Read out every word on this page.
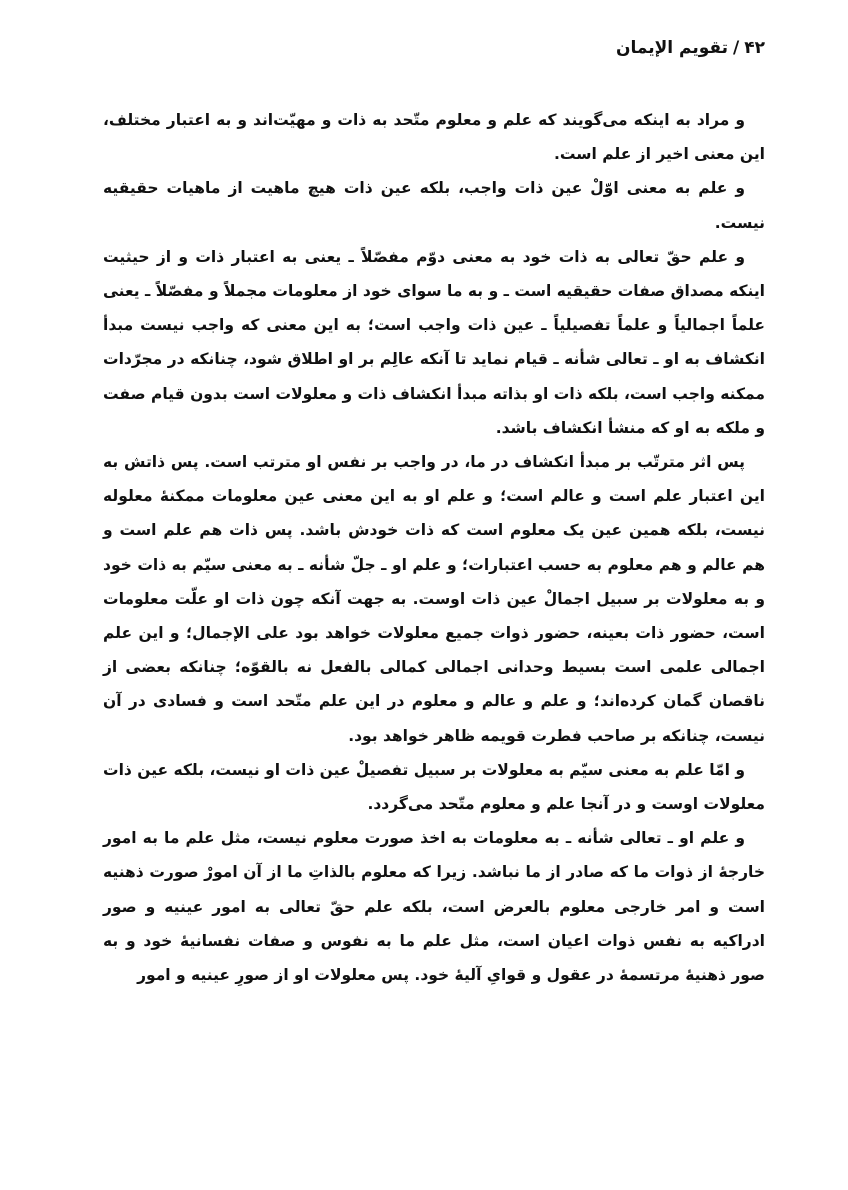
۴۲/تقویم الإیمان

و مراد به اینکه می‌گویند که علم و معلوم متّحد به ذات و مهیّت‌اند و به اعتبار مختلف، این معنی اخیر از علم است.

و علم به معنی اوّلْ عین ذات واجب، بلکه عین ذات هیچ ماهیت از ماهیات حقیقیه نیست.

و علم حقّ تعالی به ذات خود به معنی دوّم مفصّلاً ـ یعنی به اعتبار ذات و از حیثیت اینکه مصداق صفات حقیقیه است ـ و به ما سوای خود از معلومات مجملاً و مفصّلاً ـ یعنی علماً اجمالیاً و علماً تفصیلیاً ـ عین ذات واجب است؛ به این معنی که واجب نیست مبدأ انکشاف به او ـ تعالی شأنه ـ قیام نماید تا آنکه عالِم بر او اطلاق شود، چنانکه در مجرّدات ممکنه واجب است، بلکه ذات او بذاته مبدأ انکشاف ذات و معلولات است بدون قیام صفت و ملکه به او که منشأ انکشاف باشد.

پس اثر مترتّب بر مبدأ انکشاف در ما، در واجب بر نفس او مترتب است. پس ذاتش به این اعتبار علم است و عالم است؛ و علم او به این معنی عین معلومات ممکنهٔ معلوله نیست، بلکه همین عین یک معلوم است که ذات خودش باشد. پس ذات هم علم است و هم عالم و هم معلوم به حسب اعتبارات؛ و علم او ـ جلّ شأنه ـ به معنی سیّم به ذات خود و به معلولات بر سبیل اجمالْ عین ذات اوست. به جهت آنکه چون ذات او علّت معلومات است، حضور ذات بعینه، حضور ذوات جمیع معلولات خواهد بود علی الإجمال؛ و این علم اجمالی علمی است بسیط وحدانی اجمالی کمالی بالفعل نه بالقوّه؛ چنانکه بعضی از ناقصان گمان کرده‌اند؛ و علم و عالم و معلوم در این علم متّحد است و فسادی در آن نیست، چنانکه بر صاحب فطرت قویمه ظاهر خواهد بود.

و امّا علم به معنی سیّم به معلولات بر سبیل تفصیلْ عین ذات او نیست، بلکه عین ذات معلولات اوست و در آنجا علم و معلوم متّحد می‌گردد.

و علم او ـ تعالی شأنه ـ به معلومات به اخذ صورت معلوم نیست، مثل علم ما به امور خارجهٔ از ذوات ما که صادر از ما نباشد. زیرا که معلوم بالذاتِ ما از آن امورْ صورت ذهنیه است و امر خارجی معلوم بالعرض است، بلکه علم حقّ تعالی به امور عینیه و صور ادراکیه به نفس ذوات اعیان است، مثل علم ما به نفوس و صفات نفسانیهٔ خود و به صور ذهنیهٔ مرتسمهٔ در عقول و قوایِ آلیهٔ خود. پس معلولات او از صورِ عینیه و امور
